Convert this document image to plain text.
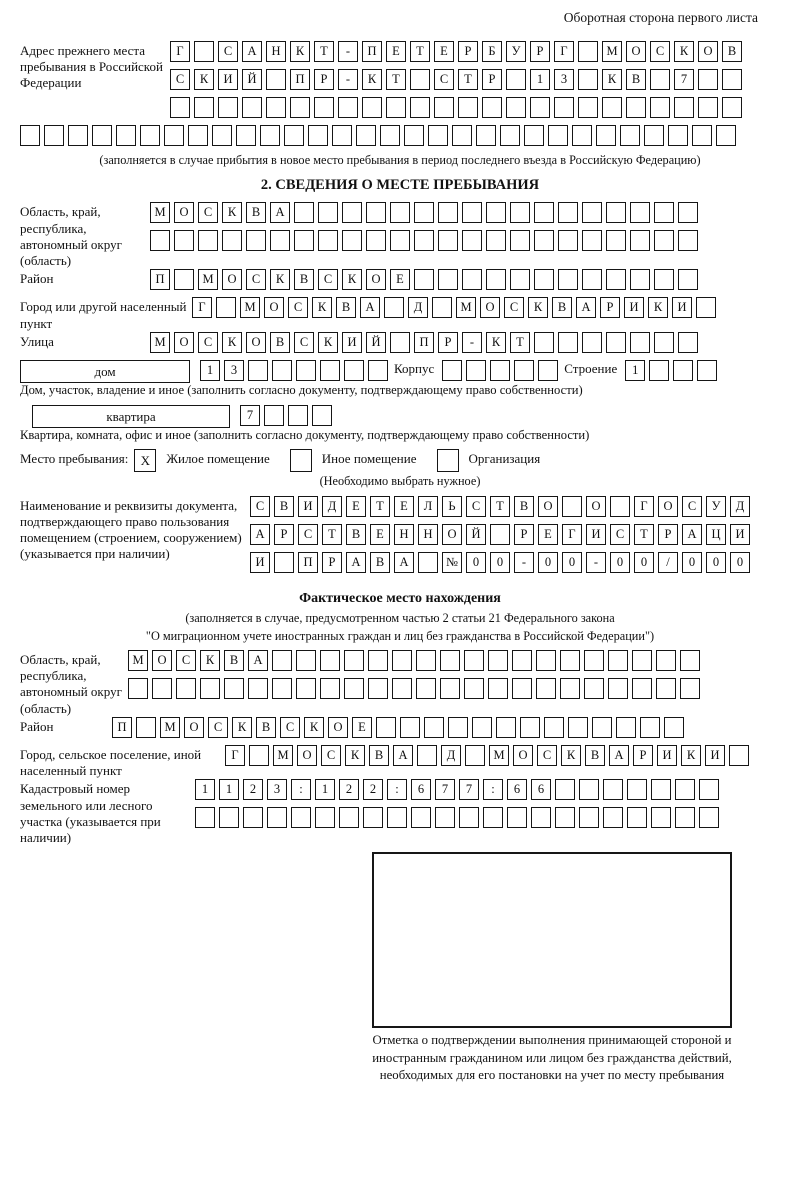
Оборотная сторона первого листа
Адрес прежнего места пребывания в Российской Федерации
Г	С	А	Н	К	Т	-	П	Е	Т	Е	Р	Б	У	Р	Г	М	О	С	К	О	В
С	К	И	Й	П	Р	-	К	Т	С	Т	Р	1	3	К	В	7
(заполняется в случае прибытия в новое место пребывания в период последнего въезда в Российскую Федерацию)
2. СВЕДЕНИЯ О МЕСТЕ ПРЕБЫВАНИЯ
Область, край, республика, автономный округ (область)
М	О	С	К	В	А
Район	П	М	О	С	К	В	С	К	О	Е
Город или другой населенный пункт
Г	М	О	С	К	В	А	Д	М	О	С	К	В	А	Р	И	К	И
Улица	М	О	С	К	О	В	С	К	И	Й	П	Р	-	К	Т
дом	1	3	Корпус	Строение	1
Дом, участок, владение и иное (заполнить согласно документу, подтверждающему право собственности)
квартира	7
Квартира, комната, офис и иное (заполнить согласно документу, подтверждающему право собственности)
Место пребывания: X	Жилое помещение	Иное помещение	Организация
(Необходимо выбрать нужное)
Наименование и реквизиты документа, подтверждающего право пользования помещением (строением, сооружением) (указывается при наличии)
С	В	И	Д	Е	Т	Е	Л	Ь	С	Т	В	О	О	Г	О	С	У	Д
А	Р	С	Т	В	Е	Н	Н	О	Й	Р	Е	Г	И	С	Т	Р	А	Ц	И
И	П	Р	А	В	А	№	0	0	-	0	0	-	0	0	/	0	0	0
Фактическое место нахождения
(заполняется в случае, предусмотренном частью 2 статьи 21 Федерального закона
"О миграционном учете иностранных граждан и лиц без гражданства в Российской Федерации")
Область, край, республика, автономный округ (область)
М	О	С	К	В	А
Район	П	М	О	С	К	В	С	К	О	Е
Город, сельское поселение, иной населенный пункт
Г	М	О	С	К	В	А	Д	М	О	С	К	В	А	Р	И	К	И
Кадастровый номер земельного или лесного участка (указывается при наличии)
1	1	2	3	:	1	2	2	:	6	7	7	:	6	6
Отметка о подтверждении выполнения принимающей стороной и иностранным гражданином или лицом без гражданства действий, необходимых для его постановки на учет по месту пребывания
